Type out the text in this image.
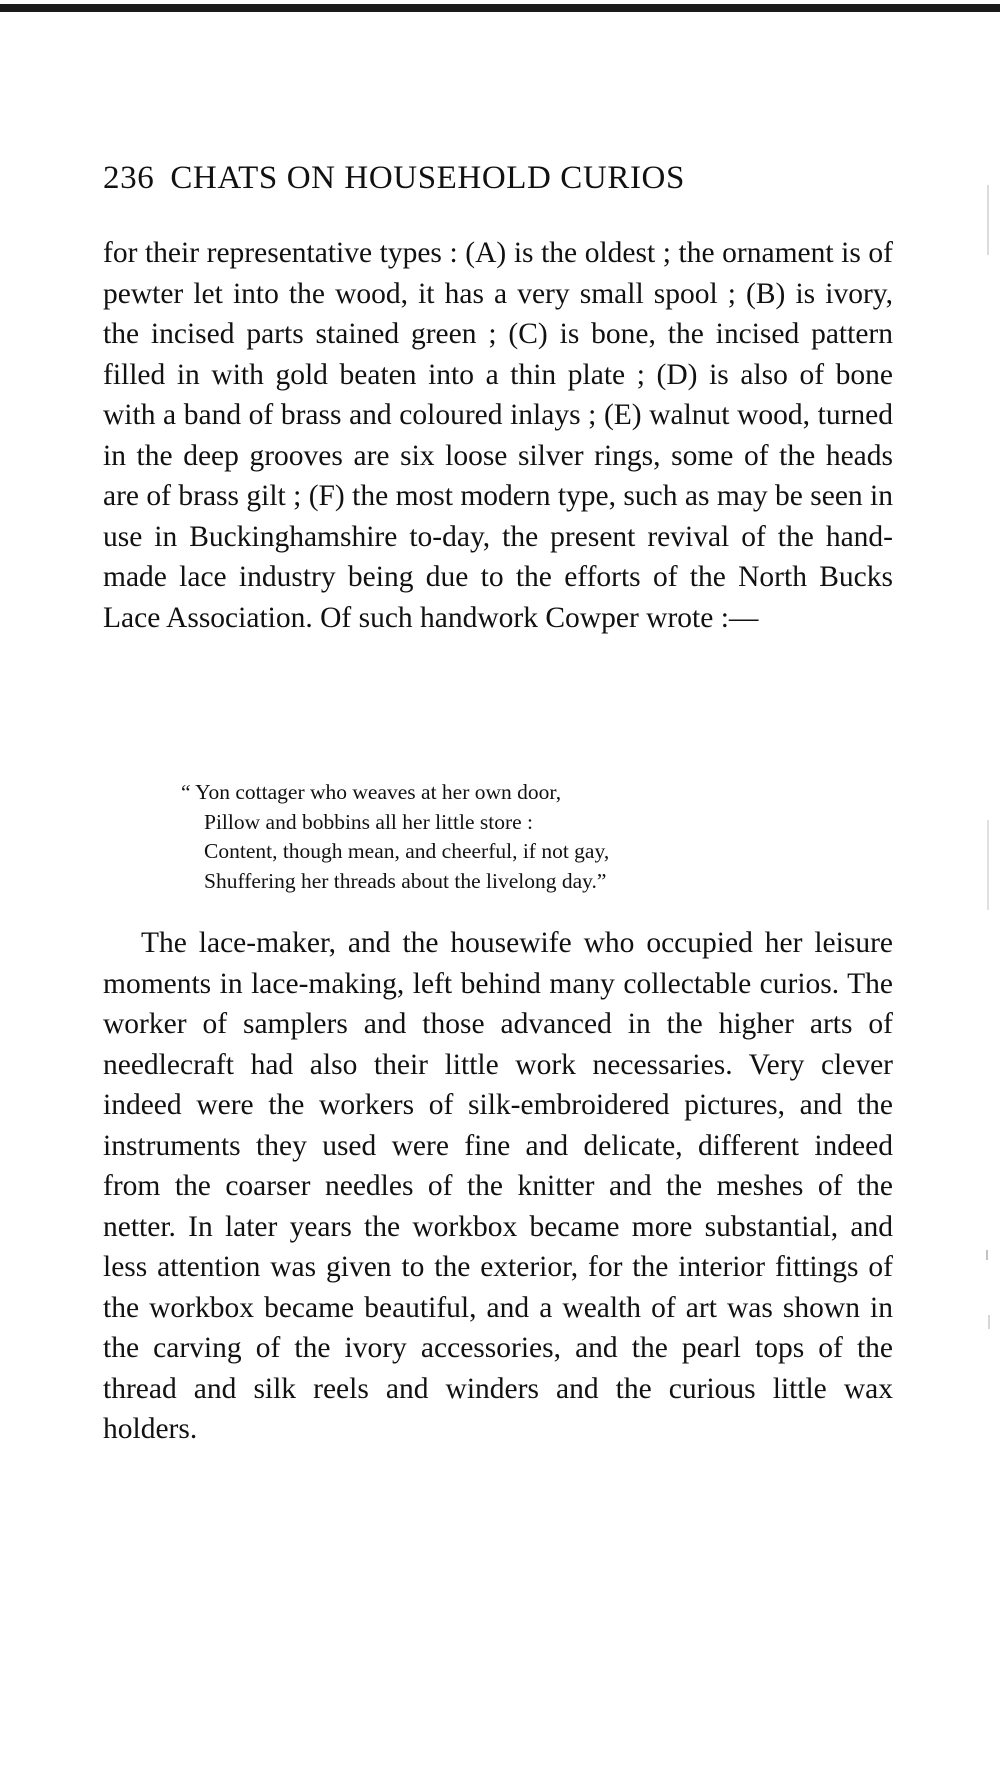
236 CHATS ON HOUSEHOLD CURIOS

for their representative types : (A) is the oldest ; the ornament is of pewter let into the wood, it has a very small spool ; (B) is ivory, the incised parts stained green ; (C) is bone, the incised pattern filled in with gold beaten into a thin plate ; (D) is also of bone with a band of brass and coloured inlays ; (E) walnut wood, turned in the deep grooves are six loose silver rings, some of the heads are of brass gilt ; (F) the most modern type, such as may be seen in use in Buckinghamshire to-day, the present revival of the hand-made lace industry being due to the efforts of the North Bucks Lace Association. Of such handwork Cowper wrote :—

“ Yon cottager who weaves at her own door,
Pillow and bobbins all her little store :
Content, though mean, and cheerful, if not gay,
Shuffering her threads about the livelong day.”

The lace-maker, and the housewife who occupied her leisure moments in lace-making, left behind many collectable curios. The worker of samplers and those advanced in the higher arts of needlecraft had also their little work necessaries. Very clever indeed were the workers of silk-embroidered pictures, and the instruments they used were fine and delicate, different indeed from the coarser needles of the knitter and the meshes of the netter. In later years the workbox became more substantial, and less attention was given to the exterior, for the interior fittings of the workbox became beautiful, and a wealth of art was shown in the carving of the ivory accessories, and the pearl tops of the thread and silk reels and winders and the curious little wax holders.
